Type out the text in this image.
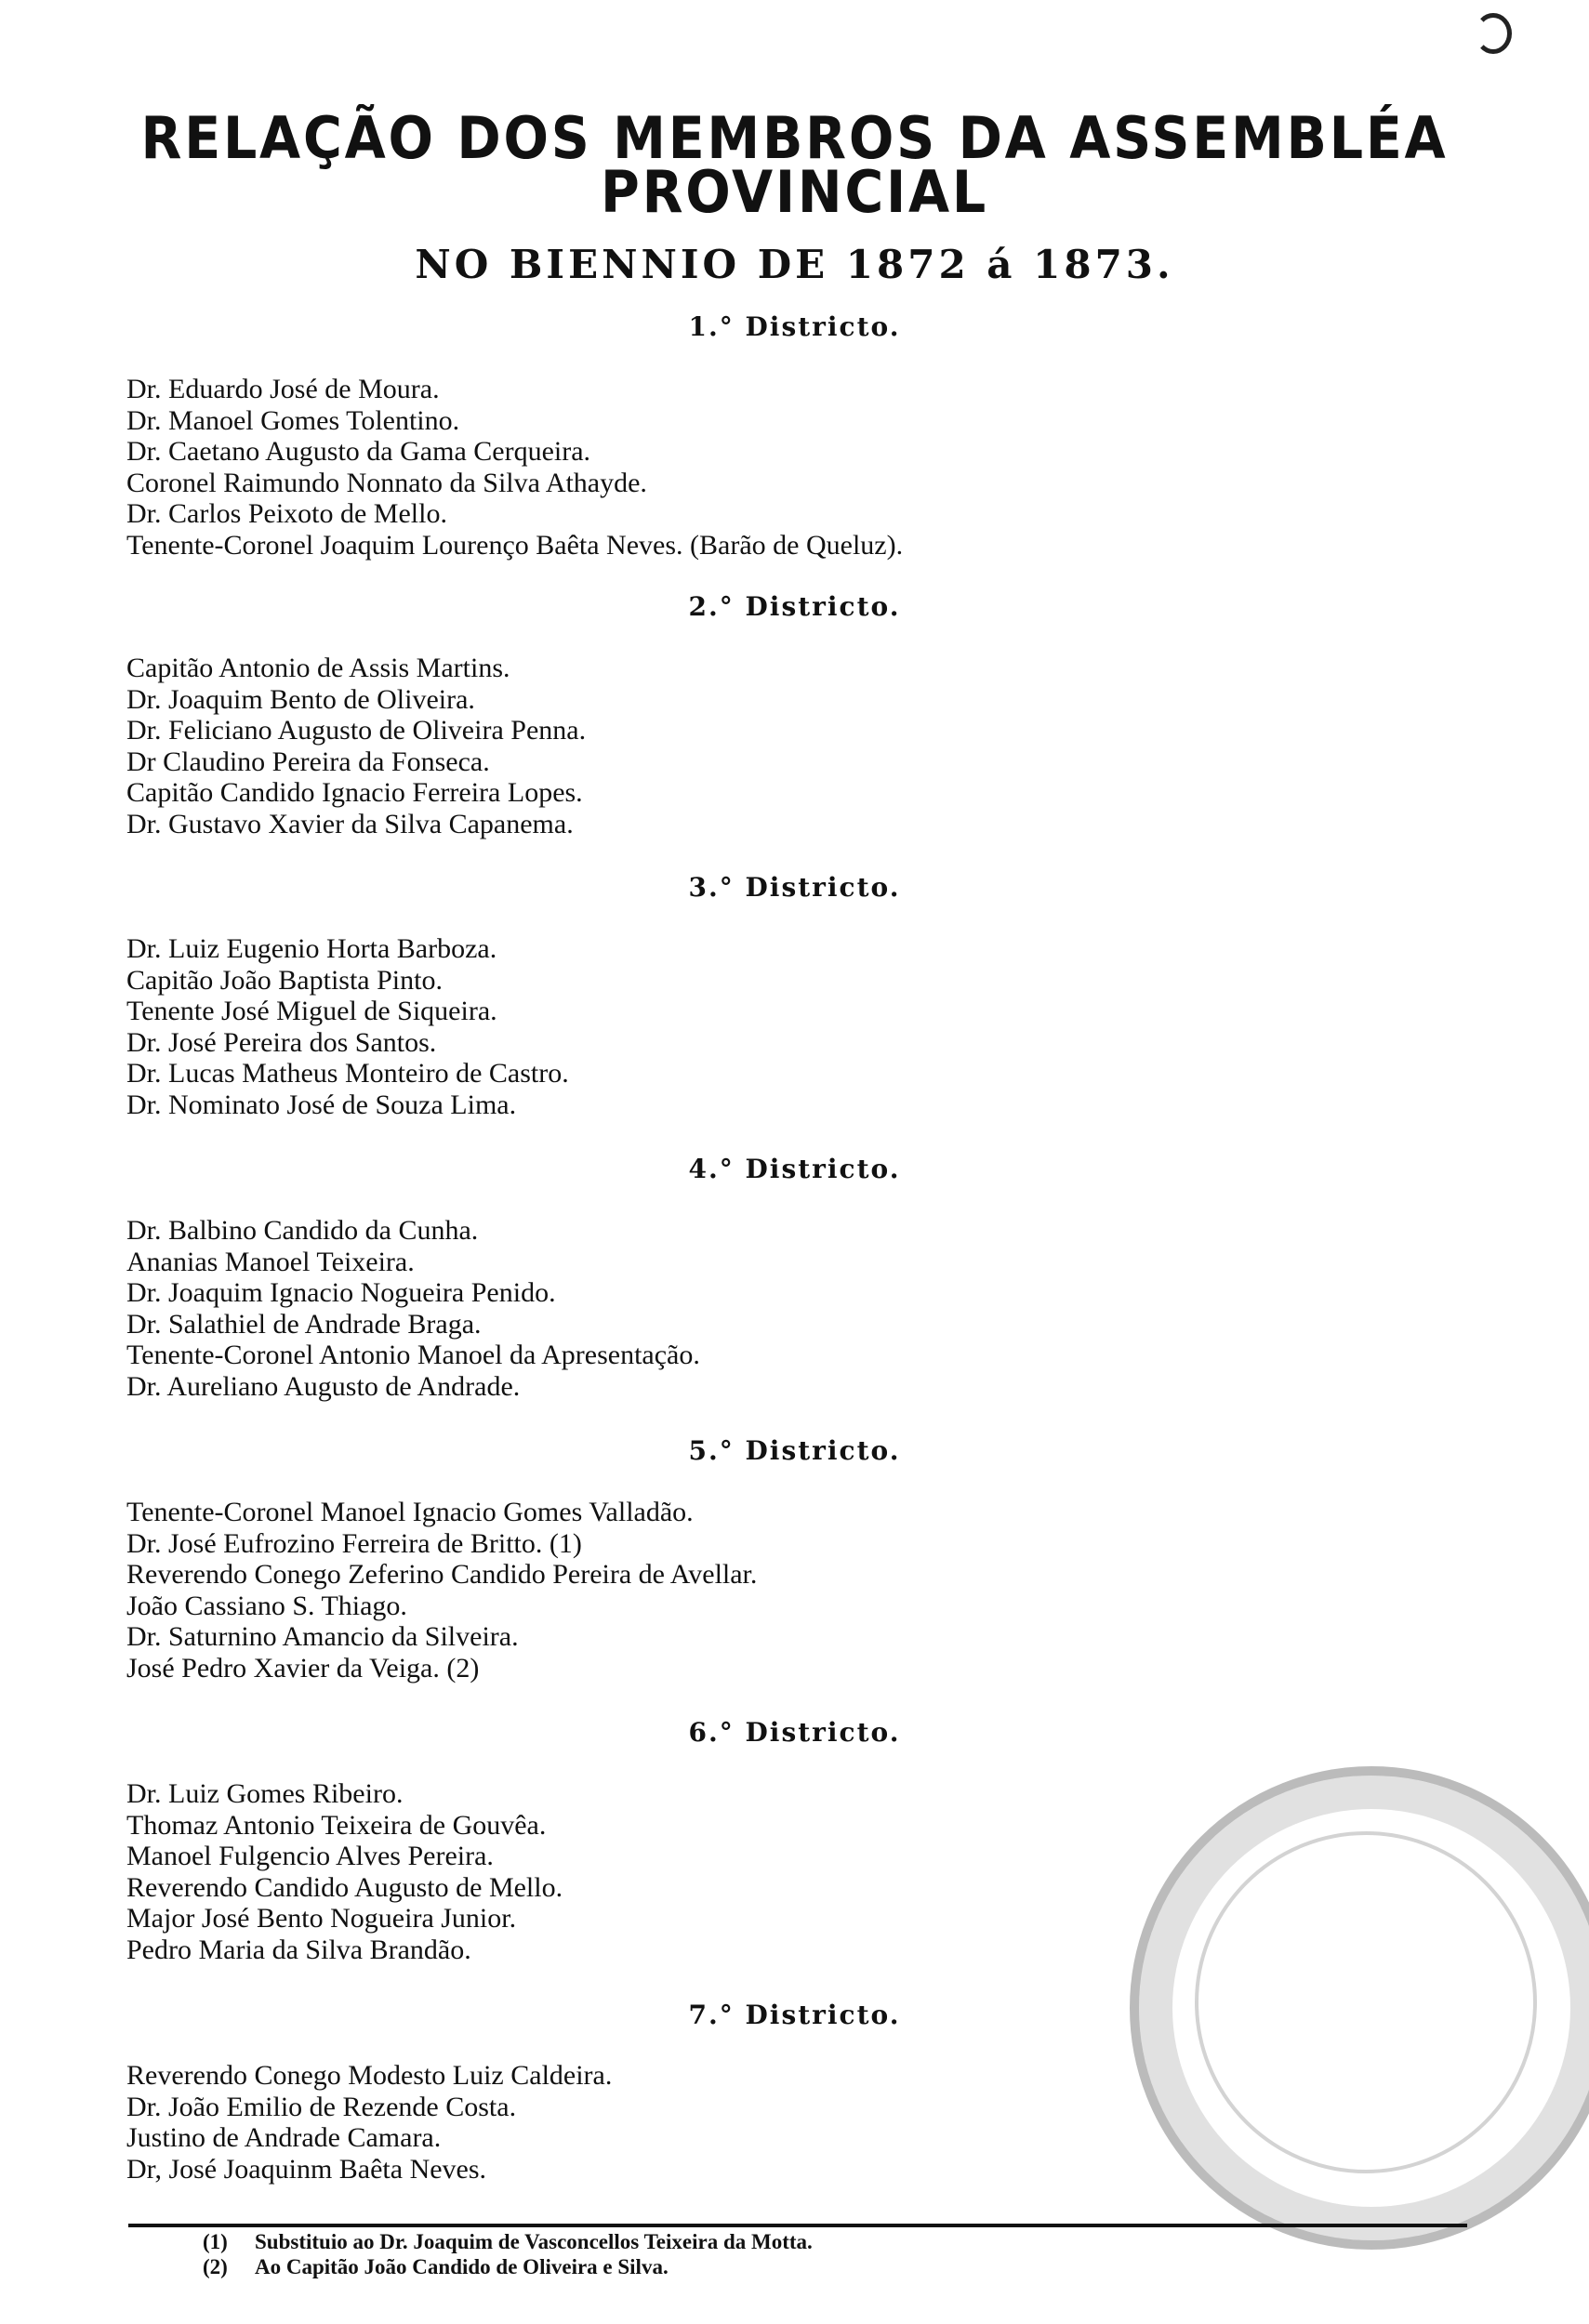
RELAÇÃO DOS MEMBROS DA ASSEMBLÉA
PROVINCIAL
NO BIENNIO DE 1872 á 1873.
1.° Districto.
Dr. Eduardo José de Moura.
Dr. Manoel Gomes Tolentino.
Dr. Caetano Augusto da Gama Cerqueira.
Coronel Raimundo Nonnato da Silva Athayde.
Dr. Carlos Peixoto de Mello.
Tenente-Coronel Joaquim Lourenço Baêta Neves. (Barão de Queluz).
2.° Districto.
Capitão Antonio de Assis Martins.
Dr. Joaquim Bento de Oliveira.
Dr. Feliciano Augusto de Oliveira Penna.
Dr Claudino Pereira da Fonseca.
Capitão Candido Ignacio Ferreira Lopes.
Dr. Gustavo Xavier da Silva Capanema.
3.° Districto.
Dr. Luiz Eugenio Horta Barboza.
Capitão João Baptista Pinto.
Tenente José Miguel de Siqueira.
Dr. José Pereira dos Santos.
Dr. Lucas Matheus Monteiro de Castro.
Dr. Nominato José de Souza Lima.
4.° Districto.
Dr. Balbino Candido da Cunha.
Ananias Manoel Teixeira.
Dr. Joaquim Ignacio Nogueira Penido.
Dr. Salathiel de Andrade Braga.
Tenente-Coronel Antonio Manoel da Apresentação.
Dr. Aureliano Augusto de Andrade.
5.° Districto.
Tenente-Coronel Manoel Ignacio Gomes Valladão.
Dr. José Eufrozino Ferreira de Britto. (1)
Reverendo Conego Zeferino Candido Pereira de Avellar.
João Cassiano S. Thiago.
Dr. Saturnino Amancio da Silveira.
José Pedro Xavier da Veiga. (2)
6.° Districto.
Dr. Luiz Gomes Ribeiro.
Thomaz Antonio Teixeira de Gouvêa.
Manoel Fulgencio Alves Pereira.
Reverendo Candido Augusto de Mello.
Major José Bento Nogueira Junior.
Pedro Maria da Silva Brandão.
7.° Districto.
Reverendo Conego Modesto Luiz Caldeira.
Dr. João Emilio de Rezende Costa.
Justino de Andrade Camara.
Dr, José Joaquinm Baêta Neves.
(1) Substituio ao Dr. Joaquim de Vasconcellos Teixeira da Motta.
(2) Ao Capitão João Candido de Oliveira e Silva.
